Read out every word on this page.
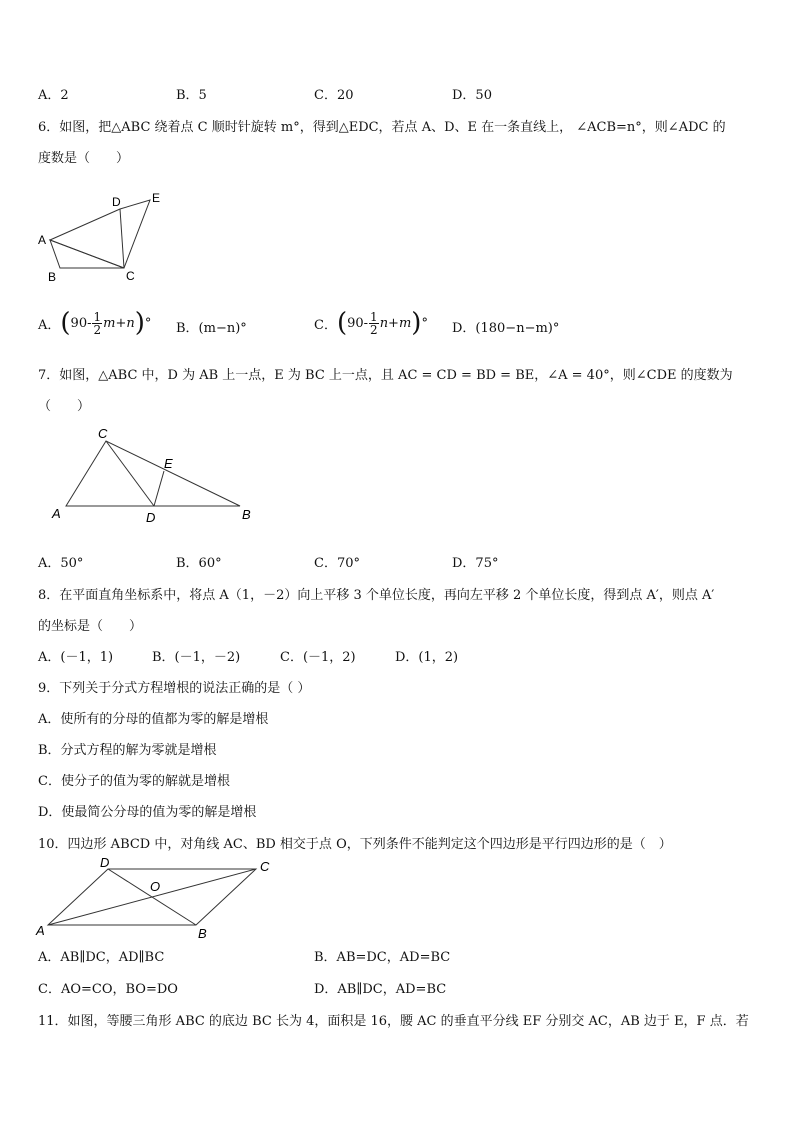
A．2	B．5	C．20	D．50
6．如图，把△ABC 绕着点 C 顺时针旋转 m°，得到△EDC，若点 A、D、E 在一条直线上， ∠ACB=n°，则∠ADC 的
度数是（　　）
A
B	C
D	E
A． ( $90- \frac{1}{2} m+n$ ) ° B．(m−n)°	C． ( $90- \frac{1}{2} n+m$ ) ° D．(180−n−m)°
7．如图，△ABC 中，D 为 AB 上一点，E 为 BC 上一点，且 AC = CD = BD = BE，∠A = 40°，则∠CDE 的度数为
（　　）
A	B
C
D
E
A．50°	B．60°	C．70°	D．75°
8．在平面直角坐标系中，将点 A（1，－2）向上平移 3 个单位长度，再向左平移 2 个单位长度，得到点 A′，则点 A′
的坐标是（　　）
A．(－1，1)	B．(－1，－2)	C．(－1，2)	D．(1，2)
9．下列关于分式方程增根的说法正确的是（ ）
A．使所有的分母的值都为零的解是增根
B．分式方程的解为零就是增根
C．使分子的值为零的解就是增根
D．使最简公分母的值为零的解是增根
10．四边形 ABCD 中，对角线 AC、BD 相交于点 O，下列条件不能判定这个四边形是平行四边形的是（　）
A	B
C
D
O
A．AB∥DC，AD∥BC	B．AB=DC，AD=BC
C．AO=CO，BO=DO	D．AB∥DC，AD=BC
11．如图，等腰三角形 ABC 的底边 BC 长为 4，面积是 16，腰 AC 的垂直平分线 EF 分别交 AC，AB 边于 E，F 点．若
